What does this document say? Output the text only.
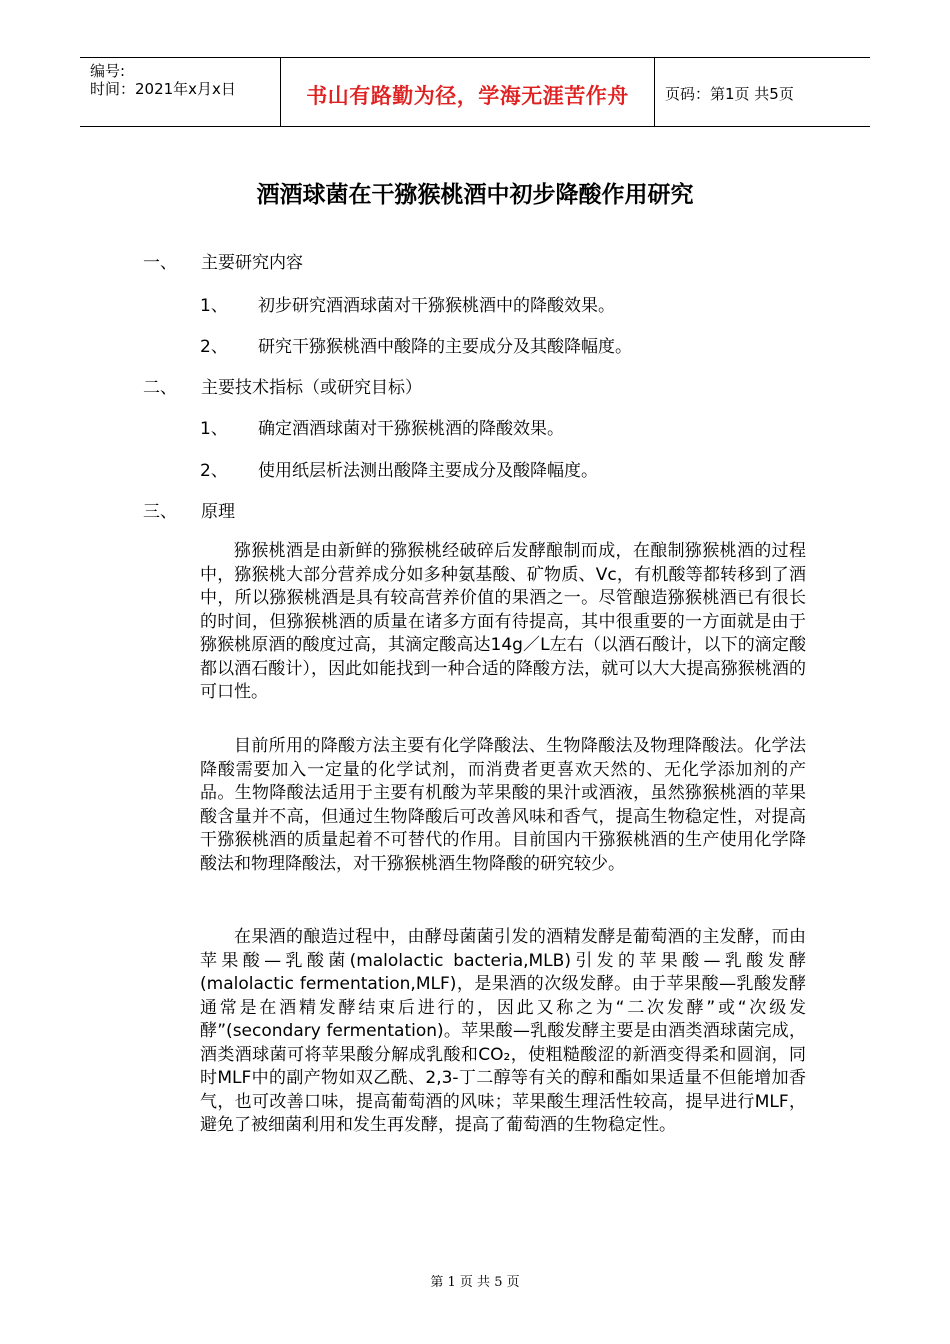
编号:
时间：2021年x月x日	书山有路勤为径，学海无涯苦作舟	页码：第1页 共5页
酒酒球菌在干猕猴桃酒中初步降酸作用研究
一、 主要研究内容
1、 初步研究酒酒球菌对干猕猴桃酒中的降酸效果。
2、 研究干猕猴桃酒中酸降的主要成分及其酸降幅度。
二、 主要技术指标（或研究目标）
1、 确定酒酒球菌对干猕猴桃酒的降酸效果。
2、 使用纸层析法测出酸降主要成分及酸降幅度。
三、 原理

猕猴桃酒是由新鲜的猕猴桃经破碎后发酵酿制而成，在酿制猕猴桃酒的过程中，猕猴桃大部分营养成分如多种氨基酸、矿物质、Vc，有机酸等都转移到了酒中，所以猕猴桃酒是具有较高营养价值的果酒之一。尽管酿造猕猴桃酒已有很长的时间，但猕猴桃酒的质量在诸多方面有待提高，其中很重要的一方面就是由于猕猴桃原酒的酸度过高，其滴定酸高达14g／L左右（以酒石酸计，以下的滴定酸都以酒石酸计），因此如能找到一种合适的降酸方法，就可以大大提高猕猴桃酒的可口性。

目前所用的降酸方法主要有化学降酸法、生物降酸法及物理降酸法。化学法降酸需要加入一定量的化学试剂，而消费者更喜欢天然的、无化学添加剂的产品。生物降酸法适用于主要有机酸为苹果酸的果汁或酒液，虽然猕猴桃酒的苹果酸含量并不高，但通过生物降酸后可改善风味和香气，提高生物稳定性，对提高干猕猴桃酒的质量起着不可替代的作用。目前国内干猕猴桃酒的生产使用化学降酸法和物理降酸法，对干猕猴桃酒生物降酸的研究较少。

在果酒的酿造过程中，由酵母菌菌引发的酒精发酵是葡萄酒的主发酵，而由苹果酸—乳酸菌(malolactic bacteria,MLB)引发的苹果酸—乳酸发酵(malolactic fermentation,MLF)，是果酒的次级发酵。由于苹果酸—乳酸发酵通常是在酒精发酵结束后进行的，因此又称之为“二次发酵”或“次级发酵”(secondary fermentation)。苹果酸—乳酸发酵主要是由酒类酒球菌完成，酒类酒球菌可将苹果酸分解成乳酸和CO₂，使粗糙酸涩的新酒变得柔和圆润，同时MLF中的副产物如双乙酰、2,3-丁二醇等有关的醇和酯如果适量不但能增加香气，也可改善口味，提高葡萄酒的风味；苹果酸生理活性较高，提早进行MLF，避免了被细菌利用和发生再发酵，提高了葡萄酒的生物稳定性。

第 1 页 共 5 页
